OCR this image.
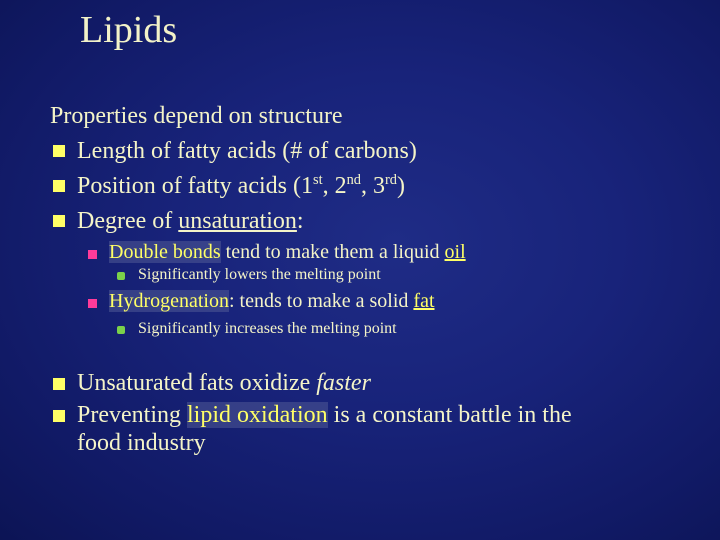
Lipids
Properties depend on structure
Length of fatty acids (# of carbons)
Position of fatty acids (1st, 2nd, 3rd)
Degree of unsaturation:
Double bonds tend to make them a liquid oil
Significantly lowers the melting point
Hydrogenation: tends to make a solid fat
Significantly increases the melting point
Unsaturated fats oxidize faster
Preventing lipid oxidation is a constant battle in the
food industry
